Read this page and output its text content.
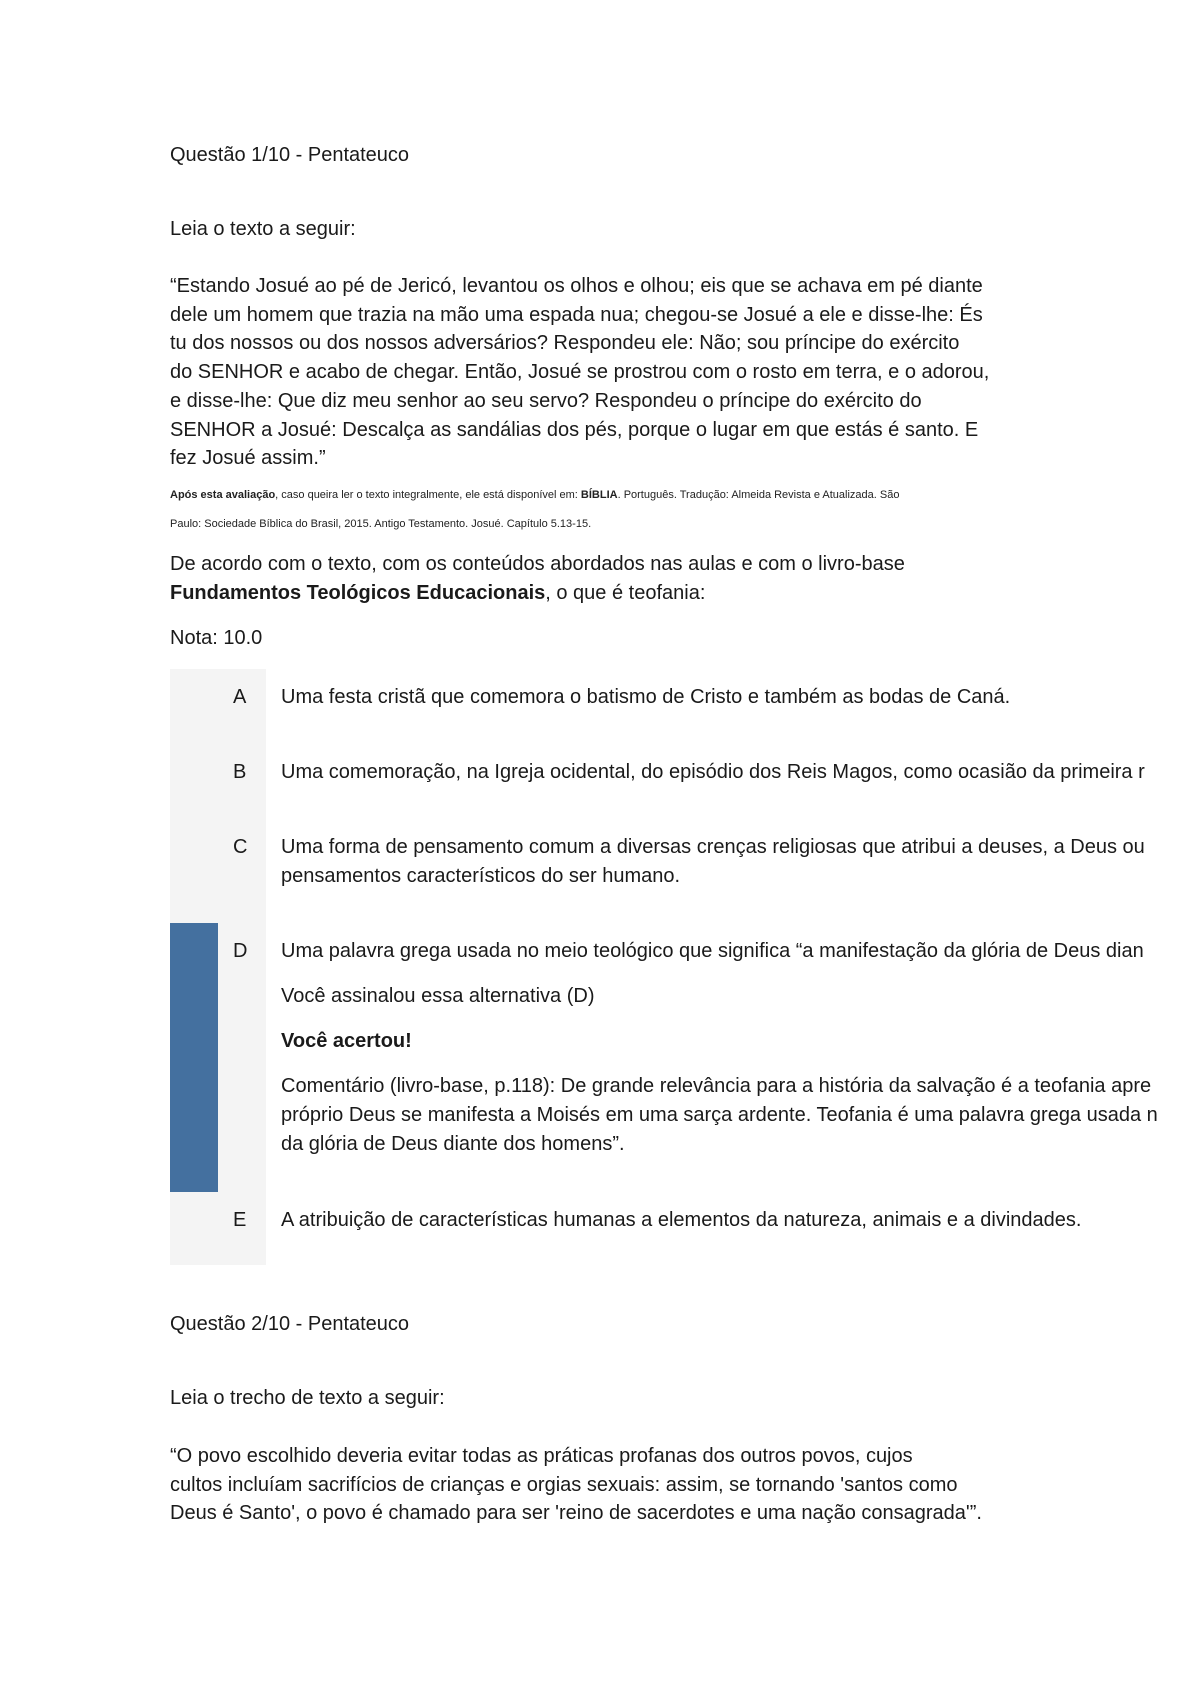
Questão 1/10 - Pentateuco
Leia o texto a seguir:
“Estando Josué ao pé de Jericó, levantou os olhos e olhou; eis que se achava em pé diante
dele um homem que trazia na mão uma espada nua; chegou-se Josué a ele e disse-lhe: És
tu dos nossos ou dos nossos adversários? Respondeu ele: Não; sou príncipe do exército
do SENHOR e acabo de chegar. Então, Josué se prostrou com o rosto em terra, e o adorou,
e disse-lhe: Que diz meu senhor ao seu servo? Respondeu o príncipe do exército do
SENHOR a Josué: Descalça as sandálias dos pés, porque o lugar em que estás é santo. E
fez Josué assim.”
Após esta avaliação, caso queira ler o texto integralmente, ele está disponível em: BÍBLIA. Português. Tradução: Almeida Revista e Atualizada. São
Paulo: Sociedade Bíblica do Brasil, 2015. Antigo Testamento. Josué. Capítulo 5.13-15.
De acordo com o texto, com os conteúdos abordados nas aulas e com o livro-base
Fundamentos Teológicos Educacionais, o que é teofania:
Nota: 10.0
A	Uma festa cristã que comemora o batismo de Cristo e também as bodas de Caná.
B	Uma comemoração, na Igreja ocidental, do episódio dos Reis Magos, como ocasião da primeira r
C Uma forma de pensamento comum a diversas crenças religiosas que atribui a deuses, a Deus ou
pensamentos característicos do ser humano.
D Uma palavra grega usada no meio teológico que significa “a manifestação da glória de Deus dian
Você assinalou essa alternativa (D)
Você acertou!
Comentário (livro-base, p.118): De grande relevância para a história da salvação é a teofania apre
próprio Deus se manifesta a Moisés em uma sarça ardente. Teofania é uma palavra grega usada n
da glória de Deus diante dos homens”.
E	A atribuição de características humanas a elementos da natureza, animais e a divindades.
Questão 2/10 - Pentateuco
Leia o trecho de texto a seguir:
“O povo escolhido deveria evitar todas as práticas profanas dos outros povos, cujos
cultos incluíam sacrifícios de crianças e orgias sexuais: assim, se tornando 'santos como
Deus é Santo', o povo é chamado para ser 'reino de sacerdotes e uma nação consagrada'”.
